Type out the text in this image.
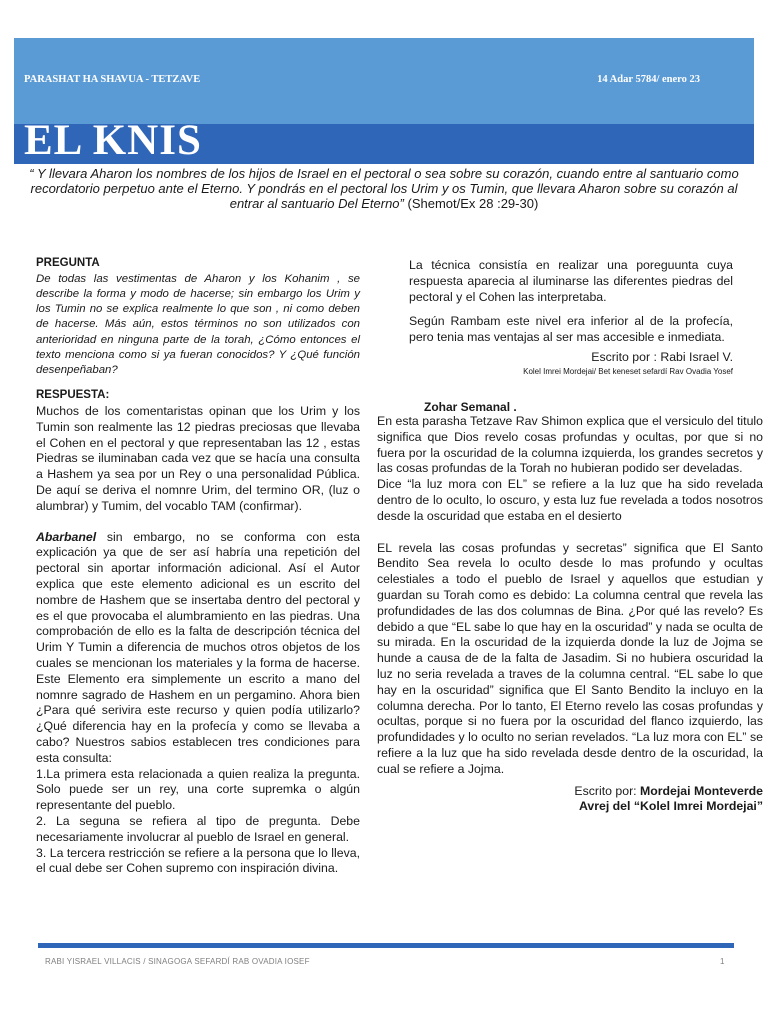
PARASHAT HA SHAVUA - TETZAVE	14 Adar 5784/ enero 23
EL KNIS
“ Y llevara Aharon los nombres de los hijos de Israel en el pectoral o sea sobre su corazón, cuando entre al santuario como recordatorio perpetuo ante el Eterno. Y pondrás en el pectoral los Urim y os Tumin, que llevara Aharon sobre su corazón al entrar al santuario Del Eterno” (Shemot/Ex 28 :29-30)

PREGUNTA

De todas las vestimentas de Aharon y los Kohanim , se describe la forma y modo de hacerse; sin embargo los Urim y los Tumin no se explica realmente lo que son , ni como deben de hacerse. Más aún, estos términos no son utilizados con anterioridad en ninguna parte de la torah, ¿Cómo entonces el texto menciona como si ya fueran conocidos? Y ¿Qué función desenpeñaban?

RESPUESTA:

Muchos de los comentaristas opinan que los Urim y los Tumin son realmente las 12 piedras preciosas que llevaba el Cohen en el pectoral y que representaban las 12 , estas Piedras se iluminaban cada vez que se hacía una consulta a Hashem ya sea por un Rey o una personalidad Pública. De aquí se deriva el nomnre Urim, del termino OR, (luz o alumbrar) y Tumim, del vocablo TAM (confirmar).

Abarbanel sin embargo, no se conforma con esta explicación ya que de ser así habría una repetición del pectoral sin aportar información adicional. Así el Autor explica que este elemento adicional es un escrito del nombre de Hashem que se insertaba dentro del pectoral y es el que provocaba el alumbramiento en las piedras. Una comprobación de ello es la falta de descripción técnica del Urim Y Tumin a diferencia de muchos otros objetos de los cuales se mencionan los materiales y la forma de hacerse. Este Elemento era simplemente un escrito a mano del nomnre sagrado de Hashem en un pergamino. Ahora bien ¿Para qué serivira este recurso y quien podía utilizarlo? ¿Qué diferencia hay en la profecía y como se llevaba a cabo? Nuestros sabios establecen tres condiciones para esta consulta:

1.La primera esta relacionada a quien realiza la pregunta. Solo puede ser un rey, una corte supremka o algún representante del pueblo.

2. La seguna se refiera al tipo de pregunta. Debe necesariamente involucrar al pueblo de Israel en general.

3. La tercera restricción se refiere a la persona que lo lleva, el cual debe ser Cohen supremo con inspiración divina.

La técnica consistía en realizar una poreguunta cuya respuesta aparecia al iluminarse las diferentes piedras del pectoral y el Cohen las interpretaba.

Según Rambam este nivel era inferior al de la profecía, pero tenia mas ventajas al ser mas accesible e inmediata.

Escrito por : Rabi Israel V.

Kolel Imrei Mordejai/ Bet keneset sefardí Rav Ovadia Yosef

Zohar Semanal .

En esta parasha Tetzave Rav Shimon explica que el versiculo del titulo significa que Dios revelo cosas profundas y ocultas, por que si no fuera por la oscuridad de la columna izquierda, los grandes secretos y las cosas profundas de la Torah no hubieran podido ser develadas.

Dice “la luz mora con EL” se refiere a la luz que ha sido revelada dentro de lo oculto, lo oscuro, y esta luz fue revelada a todos nosotros desde la oscuridad que estaba en el desierto

EL revela las cosas profundas y secretas” significa que El Santo Bendito Sea revela lo oculto desde lo mas profundo y ocultas celestiales a todo el pueblo de Israel y aquellos que estudian y guardan su Torah como es debido: La columna central que revela las profundidades de las dos columnas de Bina. ¿Por qué las revelo? Es debido a que “EL sabe lo que hay en la oscuridad” y nada se oculta de su mirada. En la oscuridad de la izquierda donde la luz de Jojma se hunde a causa de de la falta de Jasadim. Si no hubiera oscuridad la luz no seria revelada a traves de la columna central. “EL sabe lo que hay en la oscuridad” significa que El Santo Bendito la incluyo en la columna derecha. Por lo tanto, El Eterno revelo las cosas profundas y ocultas, porque si no fuera por la oscuridad del flanco izquierdo, las profundidades y lo oculto no serian revelados. “La luz mora con EL” se refiere a la luz que ha sido revelada desde dentro de la oscuridad, la cual se refiere a Jojma.

Escrito por: Mordejai Monteverde
Avrej del “Kolel Imrei Mordejai”
RABI YISRAEL VILLACIS / SINAGOGA SEFARDÍ RAB OVADIA IOSEF	1
